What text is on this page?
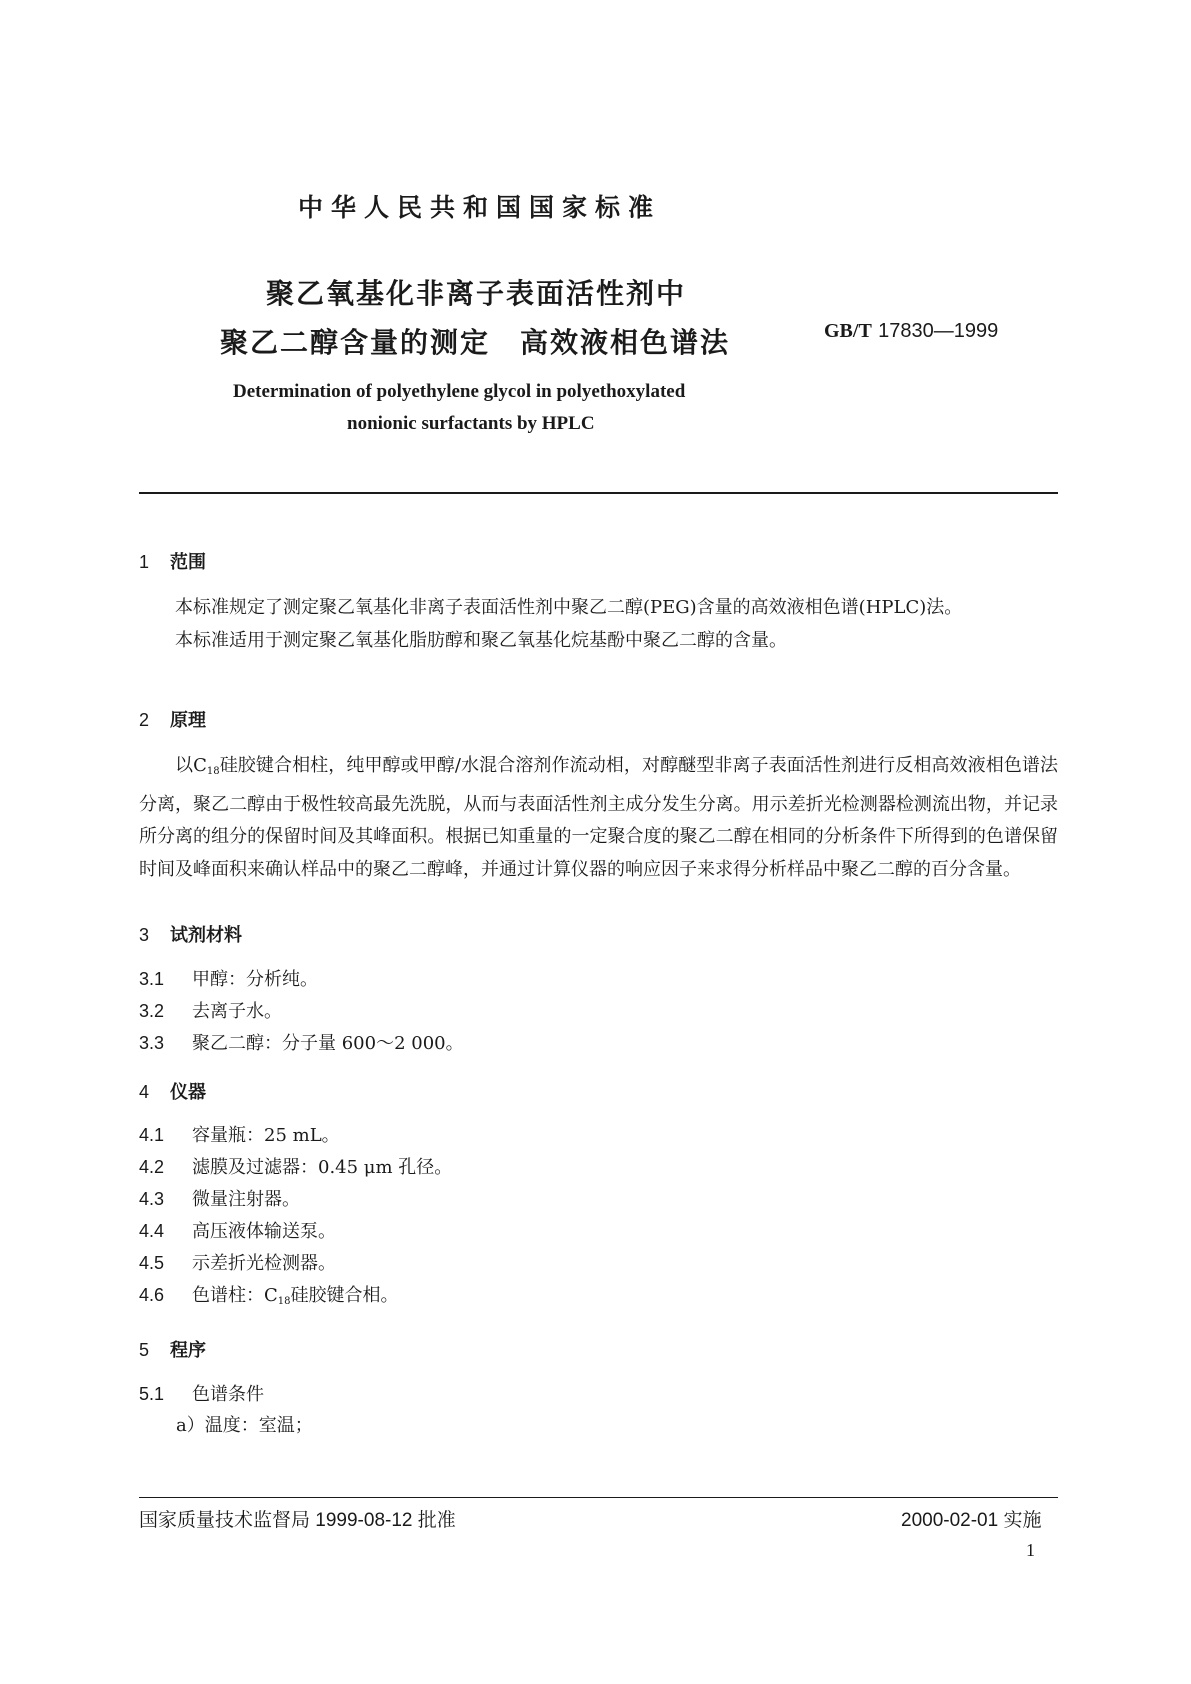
中华人民共和国国家标准
聚乙氧基化非离子表面活性剂中
聚乙二醇含量的测定　高效液相色谱法	GB/T 17830—1999
Determination of polyethylene glycol in polyethoxylated
nonionic surfactants by HPLC
1 范围

本标准规定了测定聚乙氧基化非离子表面活性剂中聚乙二醇(PEG)含量的高效液相色谱(HPLC)法。

本标准适用于测定聚乙氧基化脂肪醇和聚乙氧基化烷基酚中聚乙二醇的含量。

2 原理

以$C_{18}$硅胶键合相柱，纯甲醇或甲醇/水混合溶剂作流动相，对醇醚型非离子表面活性剂进行反相高效液相色谱法分离，聚乙二醇由于极性较高最先洗脱，从而与表面活性剂主成分发生分离。用示差折光检测器检测流出物，并记录所分离的组分的保留时间及其峰面积。根据已知重量的一定聚合度的聚乙二醇在相同的分析条件下所得到的色谱保留时间及峰面积来确认样品中的聚乙二醇峰，并通过计算仪器的响应因子来求得分析样品中聚乙二醇的百分含量。

3 试剂材料
3.1 甲醇：分析纯。
3.2 去离子水。
3.3 聚乙二醇：分子量 600～2 000。
4 仪器
4.1 容量瓶：25 mL。
4.2 滤膜及过滤器：0.45 μm 孔径。
4.3 微量注射器。
4.4 高压液体输送泵。
4.5 示差折光检测器。
4.6 色谱柱：$C_{18}$硅胶键合相。
5 程序
5.1 色谱条件
a）温度：室温；
国家质量技术监督局 1999-08-12 批准	2000-02-01 实施
1
